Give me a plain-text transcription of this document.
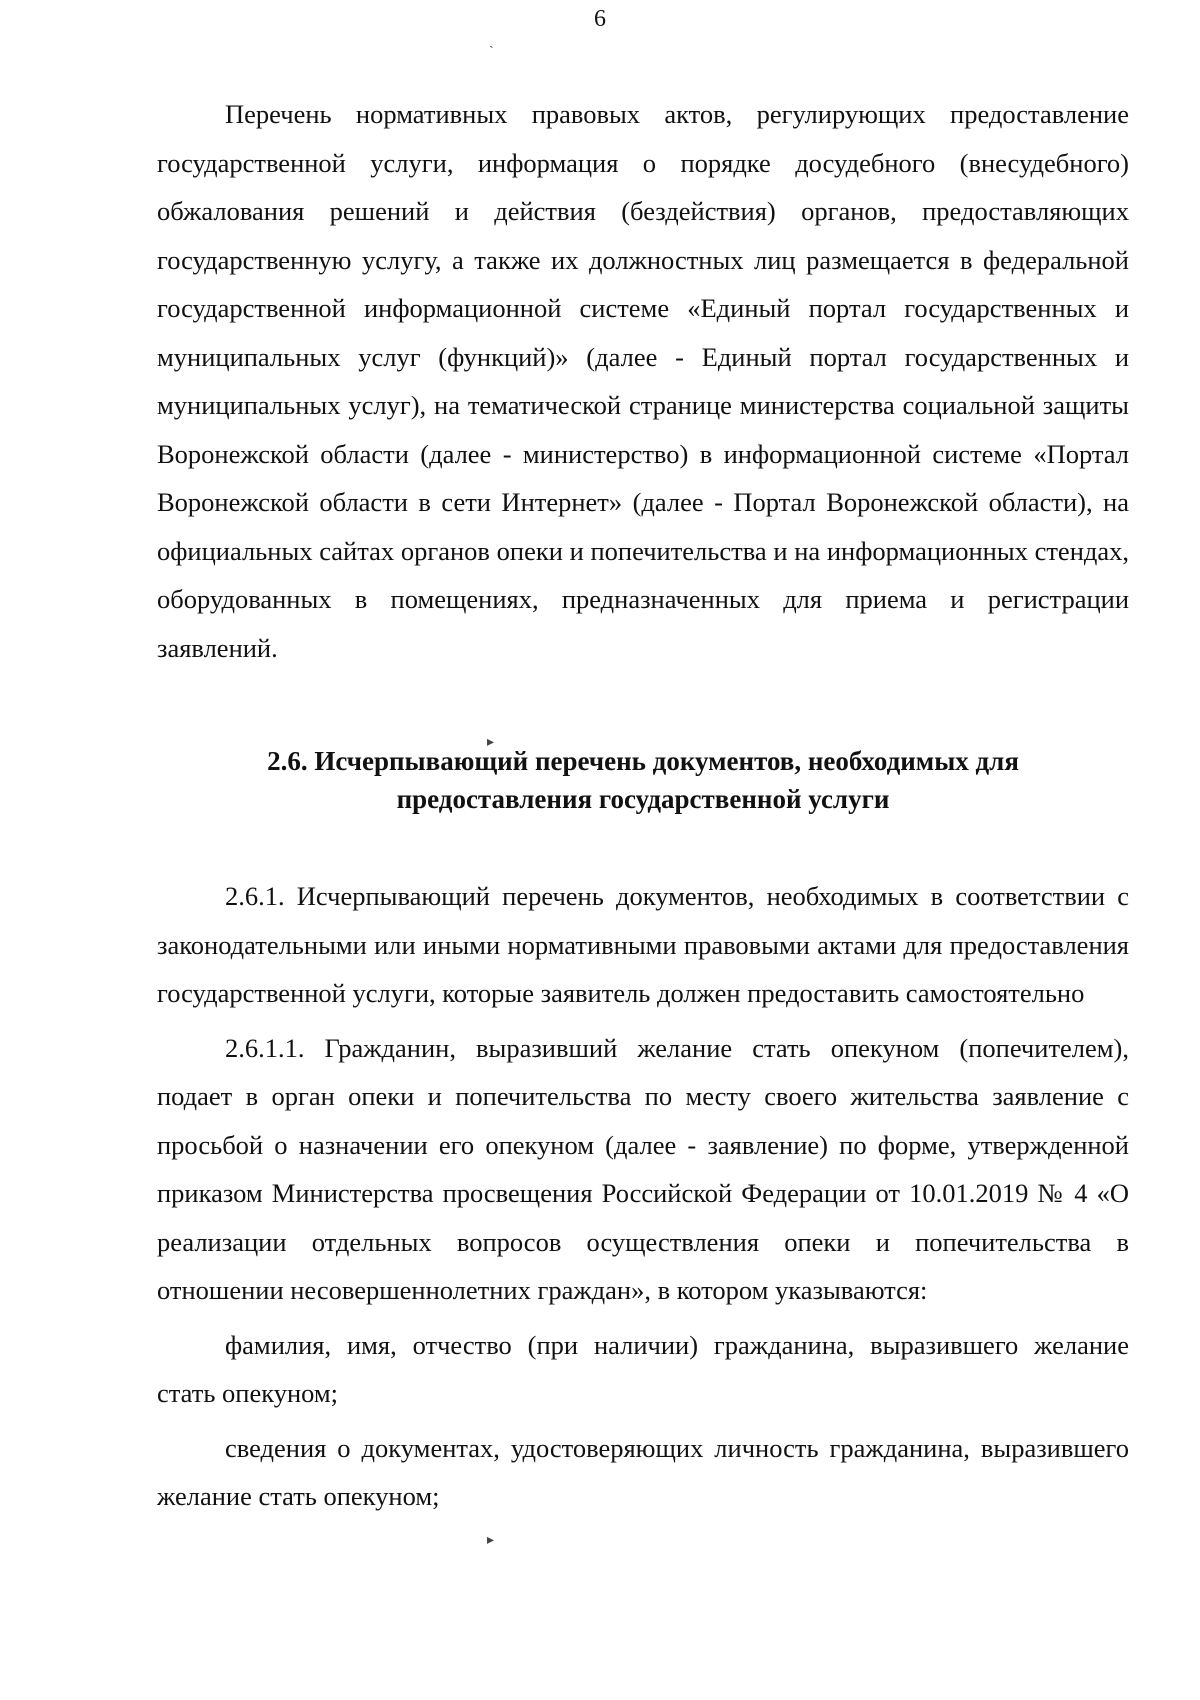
6
ˎ
▸
▸

Перечень нормативных правовых актов, регулирующих предоставление государственной услуги, информация о порядке досудебного (внесудебного) обжалования решений и действия (бездействия) органов, предоставляющих государственную услугу, а также их должностных лиц размещается в федеральной государственной информационной системе «Единый портал государственных и муниципальных услуг (функций)» (далее - Единый портал государственных и муниципальных услуг), на тематической странице министерства социальной защиты Воронежской области (далее - министерство) в информационной системе «Портал Воронежской области в сети Интернет» (далее - Портал Воронежской области), на официальных сайтах органов опеки и попечительства и на информационных стендах, оборудованных в помещениях, предназначенных для приема и регистрации заявлений.

2.6. Исчерпывающий перечень документов, необходимых для предоставления государственной услуги

2.6.1. Исчерпывающий перечень документов, необходимых в соответствии с законодательными или иными нормативными правовыми актами для предоставления государственной услуги, которые заявитель должен предоставить самостоятельно

2.6.1.1. Гражданин, выразивший желание стать опекуном (попечителем), подает в орган опеки и попечительства по месту своего жительства заявление с просьбой о назначении его опекуном (далее - заявление) по форме, утвержденной приказом Министерства просвещения Российской Федерации от 10.01.2019 № 4 «О реализации отдельных вопросов осуществления опеки и попечительства в отношении несовершеннолетних граждан», в котором указываются:

фамилия, имя, отчество (при наличии) гражданина, выразившего желание стать опекуном;

сведения о документах, удостоверяющих личность гражданина, выразившего желание стать опекуном;
